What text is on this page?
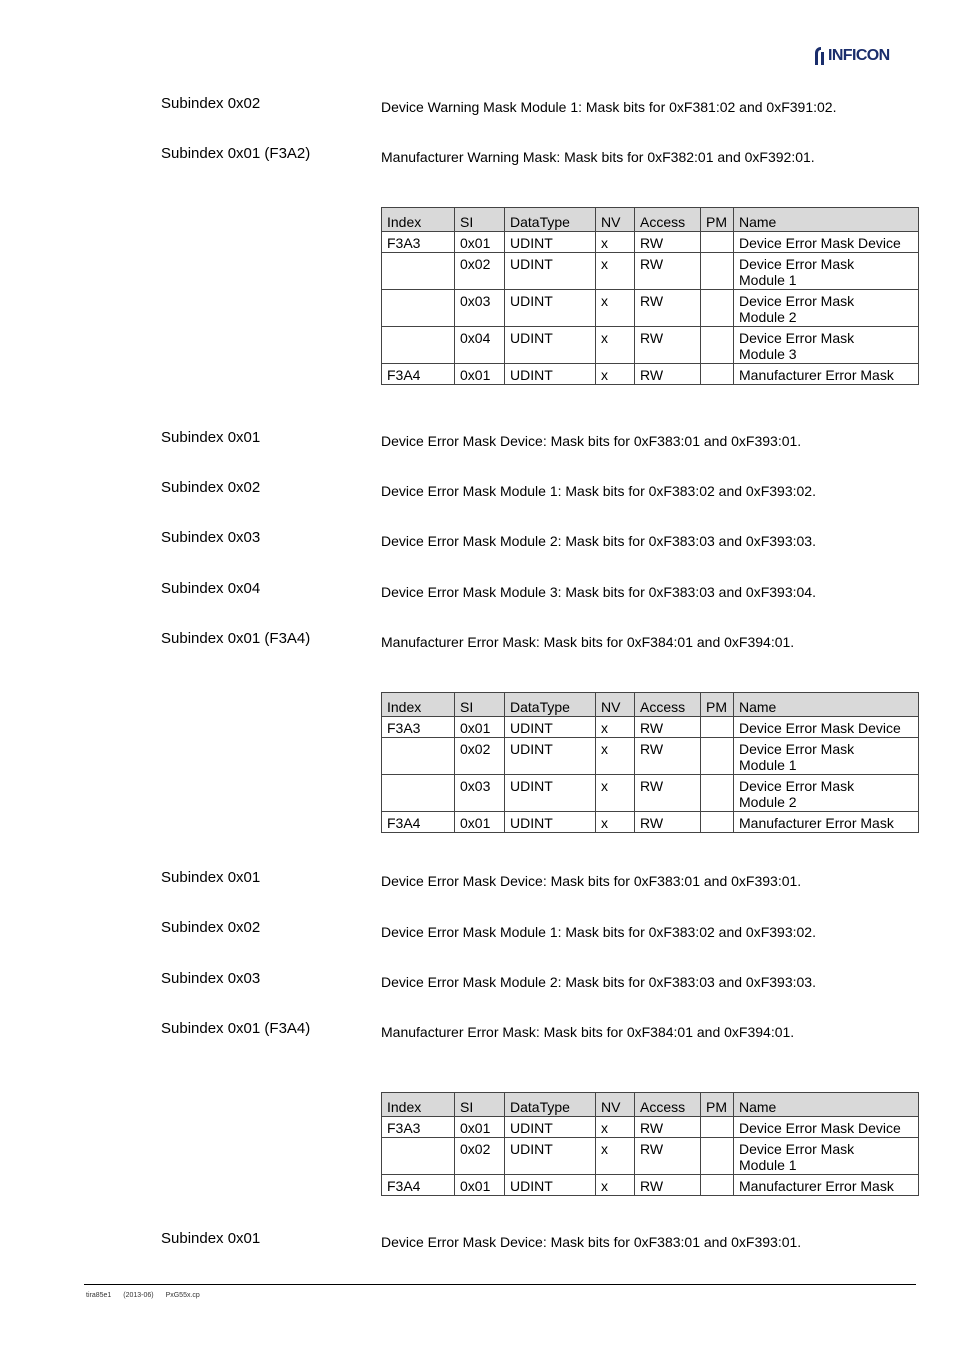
INFICON
Subindex 0x02	Device Warning Mask Module 1: Mask bits for 0xF381:02 and 0xF391:02.
Subindex 0x01 (F3A2)	Manufacturer Warning Mask: Mask bits for 0xF382:01 and 0xF392:01.
Index	SI	DataType	NV	Access	PM	Name
F3A3	0x01	UDINT	x	RW		Device Error Mask Device
	0x02	UDINT	x	RW		Device Error Mask
Module 1
	0x03	UDINT	x	RW		Device Error Mask
Module 2
	0x04	UDINT	x	RW		Device Error Mask
Module 3
F3A4	0x01	UDINT	x	RW		Manufacturer Error Mask
Subindex 0x01	Device Error Mask Device: Mask bits for 0xF383:01 and 0xF393:01.
Subindex 0x02	Device Error Mask Module 1: Mask bits for 0xF383:02 and 0xF393:02.
Subindex 0x03	Device Error Mask Module 2: Mask bits for 0xF383:03 and 0xF393:03.
Subindex 0x04	Device Error Mask Module 3: Mask bits for 0xF383:03 and 0xF393:04.
Subindex 0x01 (F3A4)	Manufacturer Error Mask: Mask bits for 0xF384:01 and 0xF394:01.
Index	SI	DataType	NV	Access	PM	Name
F3A3	0x01	UDINT	x	RW		Device Error Mask Device
	0x02	UDINT	x	RW		Device Error Mask
Module 1
	0x03	UDINT	x	RW		Device Error Mask
Module 2
F3A4	0x01	UDINT	x	RW		Manufacturer Error Mask
Subindex 0x01	Device Error Mask Device: Mask bits for 0xF383:01 and 0xF393:01.
Subindex 0x02	Device Error Mask Module 1: Mask bits for 0xF383:02 and 0xF393:02.
Subindex 0x03	Device Error Mask Module 2: Mask bits for 0xF383:03 and 0xF393:03.
Subindex 0x01 (F3A4)	Manufacturer Error Mask: Mask bits for 0xF384:01 and 0xF394:01.
Index	SI	DataType	NV	Access	PM	Name
F3A3	0x01	UDINT	x	RW		Device Error Mask Device
	0x02	UDINT	x	RW		Device Error Mask
Module 1
F3A4	0x01	UDINT	x	RW		Manufacturer Error Mask
Subindex 0x01	Device Error Mask Device: Mask bits for 0xF383:01 and 0xF393:01.
tira85e1 (2013-06) PxG55x.cp
